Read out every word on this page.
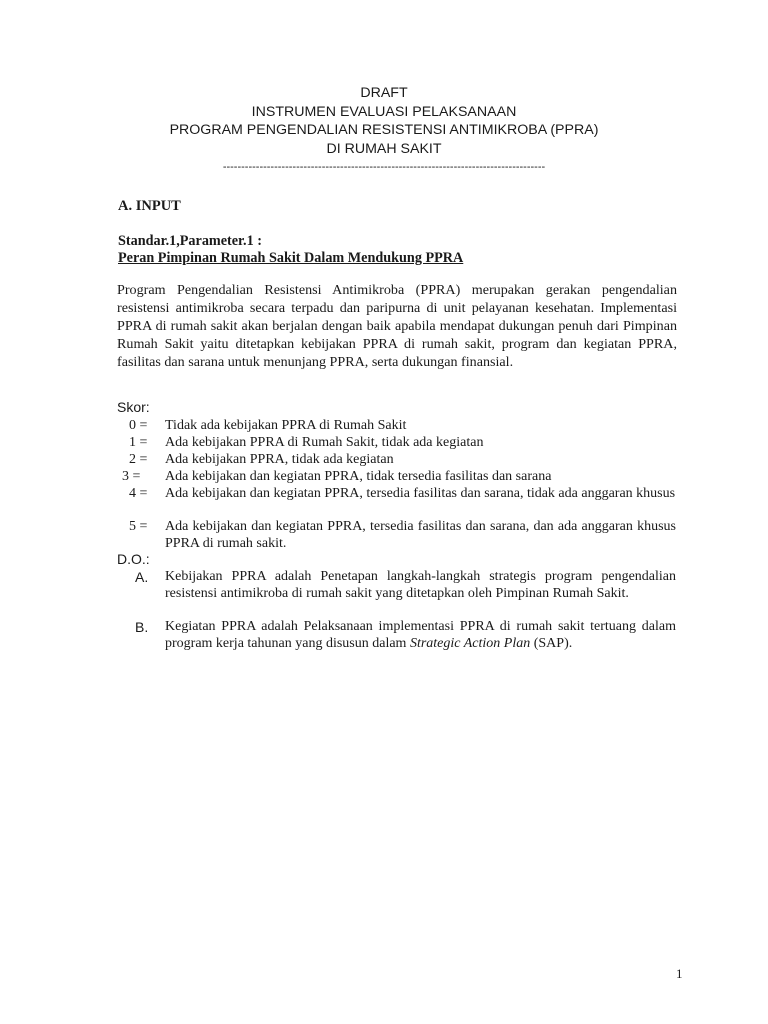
DRAFT
INSTRUMEN EVALUASI PELAKSANAAN
PROGRAM PENGENDALIAN RESISTENSI ANTIMIKROBA (PPRA)
DI RUMAH SAKIT
----------------------------------------------------------------------------------------
A. INPUT
Standar.1,Parameter.1 :
Peran Pimpinan Rumah Sakit Dalam Mendukung PPRA
Program Pengendalian Resistensi Antimikroba (PPRA) merupakan gerakan pengendalian resistensi antimikroba secara terpadu dan paripurna di unit pelayanan kesehatan. Implementasi PPRA di rumah sakit akan berjalan dengan baik apabila mendapat dukungan penuh dari Pimpinan Rumah Sakit yaitu ditetapkan kebijakan PPRA di rumah sakit, program dan kegiatan PPRA, fasilitas dan sarana untuk menunjang PPRA, serta dukungan finansial.
Skor:
0 = Tidak ada kebijakan PPRA di Rumah Sakit
1 = Ada kebijakan PPRA di Rumah Sakit, tidak ada kegiatan
2 = Ada kebijakan PPRA, tidak ada kegiatan
3 = Ada kebijakan dan kegiatan PPRA, tidak tersedia fasilitas dan sarana
4 = Ada kebijakan dan kegiatan PPRA, tersedia fasilitas dan sarana, tidak ada anggaran khusus
5 = Ada kebijakan dan kegiatan PPRA, tersedia fasilitas dan sarana, dan ada anggaran khusus PPRA di rumah sakit.
D.O.:
A. Kebijakan PPRA adalah Penetapan langkah-langkah strategis program pengendalian resistensi antimikroba di rumah sakit yang ditetapkan oleh Pimpinan Rumah Sakit.
B. Kegiatan PPRA adalah Pelaksanaan implementasi PPRA di rumah sakit tertuang dalam program kerja tahunan yang disusun dalam Strategic Action Plan (SAP).
1
